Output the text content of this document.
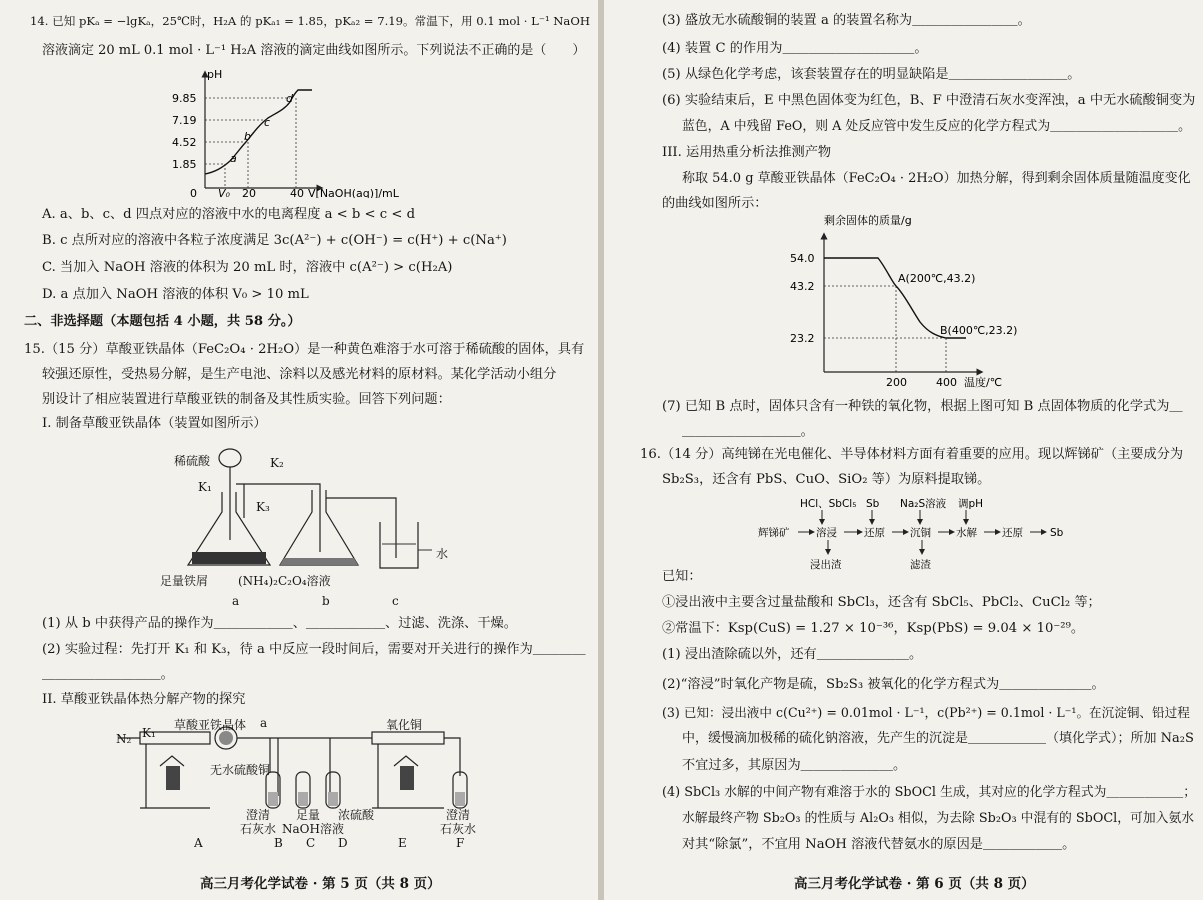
14. 已知 pKₐ = −lgKₐ，25℃时，H₂A 的 pKₐ₁ = 1.85，pKₐ₂ = 7.19。常温下，用 0.1 mol · L⁻¹ NaOH
溶液滴定 20 mL 0.1 mol · L⁻¹ H₂A 溶液的滴定曲线如图所示。下列说法不正确的是（　　）
9.85
7.19
4.52
1.85
pH
0 V₀ 20	40 V[NaOH(aq)]/mL
a
b
c
d
A. a、b、c、d 四点对应的溶液中水的电离程度 a < b < c < d
B. c 点所对应的溶液中各粒子浓度满足 3c(A²⁻) + c(OH⁻) = c(H⁺) + c(Na⁺)
C. 当加入 NaOH 溶液的体积为 20 mL 时，溶液中 c(A²⁻) > c(H₂A)
D. a 点加入 NaOH 溶液的体积 V₀ > 10 mL
二、非选择题（本题包括 4 小题，共 58 分。）
15.（15 分）草酸亚铁晶体（FeC₂O₄ · 2H₂O）是一种黄色难溶于水可溶于稀硫酸的固体，具有
较强还原性，受热易分解，是生产电池、涂料以及感光材料的原材料。某化学活动小组分
别设计了相应装置进行草酸亚铁的制备及其性质实验。回答下列问题：
I. 制备草酸亚铁晶体（装置如图所示）
稀硫酸
K₁
K₂
K₃
水
足量铁屑 (NH₄)₂C₂O₄溶液
a	b	c
(1) 从 b 中获得产品的操作为＿＿＿＿＿＿、＿＿＿＿＿＿、过滤、洗涤、干燥。
(2) 实验过程：先打开 K₁ 和 K₃，待 a 中反应一段时间后，需要对开关进行的操作为＿＿＿＿
＿＿＿＿＿＿＿＿＿。
II. 草酸亚铁晶体热分解产物的探究
N₂ K₁
草酸亚铁晶体 a
无水硫酸铜
氧化铜
澄清
石灰水
足量
NaOH溶液
浓硫酸	澄清
石灰水
A	B C D	E	F
高三月考化学试卷 · 第 5 页（共 8 页）
(3) 盛放无水硫酸铜的装置 a 的装置名称为＿＿＿＿＿＿＿＿。
(4) 装置 C 的作用为＿＿＿＿＿＿＿＿＿＿。
(5) 从绿色化学考虑，该套装置存在的明显缺陷是＿＿＿＿＿＿＿＿＿。
(6) 实验结束后，E 中黑色固体变为红色，B、F 中澄清石灰水变浑浊，a 中无水硫酸铜变为
蓝色，A 中残留 FeO，则 A 处反应管中发生反应的化学方程式为＿＿＿＿＿＿＿＿＿＿。
III. 运用热重分析法推测产物
称取 54.0 g 草酸亚铁晶体（FeC₂O₄ · 2H₂O）加热分解，得到剩余固体质量随温度变化
的曲线如图所示：
剩余固体的质量/g
54.0
43.2
23.2
200	400 温度/℃
A(200℃,43.2)
B(400℃,23.2)

(7) 已知 B 点时，固体只含有一种铁的氧化物，根据上图可知 B 点固体物质的化学式为＿
＿＿＿＿＿＿＿＿＿。
16.（14 分）高纯锑在光电催化、半导体材料方面有着重要的应用。现以辉锑矿（主要成分为
Sb₂S₃，还含有 PbS、CuO、SiO₂ 等）为原料提取锑。
辉锑矿	溶浸	还原 沉铜 水解 还原	Sb
HCl、SbCl₅ Sb Na₂S溶液 调pH
浸出渣	滤渣
已知：
①浸出液中主要含过量盐酸和 SbCl₃，还含有 SbCl₅、PbCl₂、CuCl₂ 等；
②常温下：Ksp(CuS) = 1.27 × 10⁻³⁶，Ksp(PbS) = 9.04 × 10⁻²⁹。
(1) 浸出渣除硫以外，还有＿＿＿＿＿＿＿。
(2)“溶浸”时氧化产物是硫，Sb₂S₃ 被氧化的化学方程式为＿＿＿＿＿＿＿。
(3) 已知：浸出液中 c(Cu²⁺) = 0.01mol · L⁻¹，c(Pb²⁺) = 0.1mol · L⁻¹。在沉淀铜、铅过程
中，缓慢滴加极稀的硫化钠溶液，先产生的沉淀是＿＿＿＿＿＿（填化学式）；所加 Na₂S
不宜过多，其原因为＿＿＿＿＿＿＿。
(4) SbCl₃ 水解的中间产物有难溶于水的 SbOCl 生成，其对应的化学方程式为＿＿＿＿＿＿；
水解最终产物 Sb₂O₃ 的性质与 Al₂O₃ 相似，为去除 Sb₂O₃ 中混有的 SbOCl，可加入氨水
对其“除氯”，不宜用 NaOH 溶液代替氨水的原因是＿＿＿＿＿＿。
高三月考化学试卷 · 第 6 页（共 8 页）
